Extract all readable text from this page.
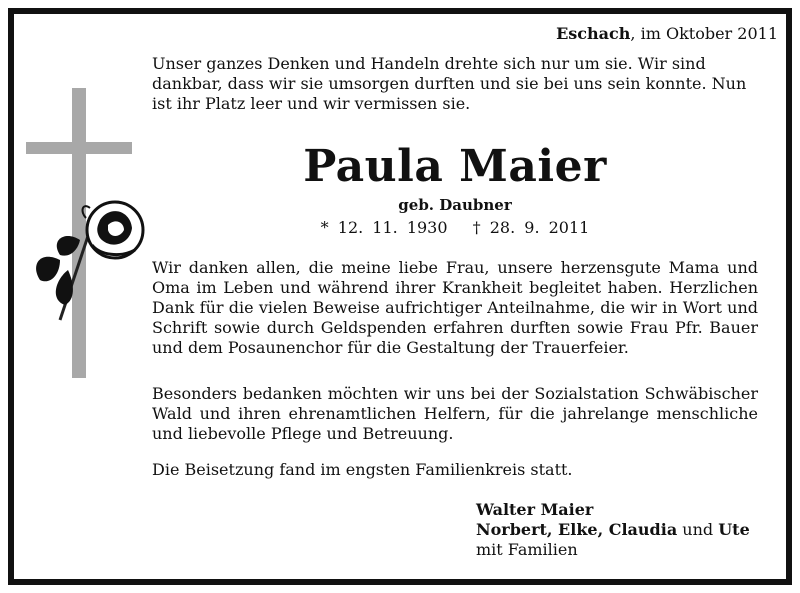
Eschach, im Oktober 2011
Unser ganzes Denken und Handeln drehte sich nur um sie. Wir sind dankbar, dass wir sie umsorgen durften und sie bei uns sein konnte. Nun ist ihr Platz leer und wir vermissen sie.
Paula Maier
geb. Daubner
* 12. 11. 1930 † 28. 9. 2011
Wir danken allen, die meine liebe Frau, unsere herzensgute Mama und Oma im Leben und während ihrer Krankheit begleitet haben. Herzlichen Dank für die vielen Beweise aufrichtiger Anteilnahme, die wir in Wort und Schrift sowie durch Geldspenden erfahren durften sowie Frau Pfr. Bauer und dem Posaunenchor für die Gestaltung der Trauerfeier.
Besonders bedanken möchten wir uns bei der Sozialstation Schwäbischer Wald und ihren ehrenamtlichen Helfern, für die jahrelange menschliche und liebevolle Pflege und Betreuung.
Die Beisetzung fand im engsten Familienkreis statt.
Walter Maier
Norbert, Elke, Claudia und Ute
mit Familien
